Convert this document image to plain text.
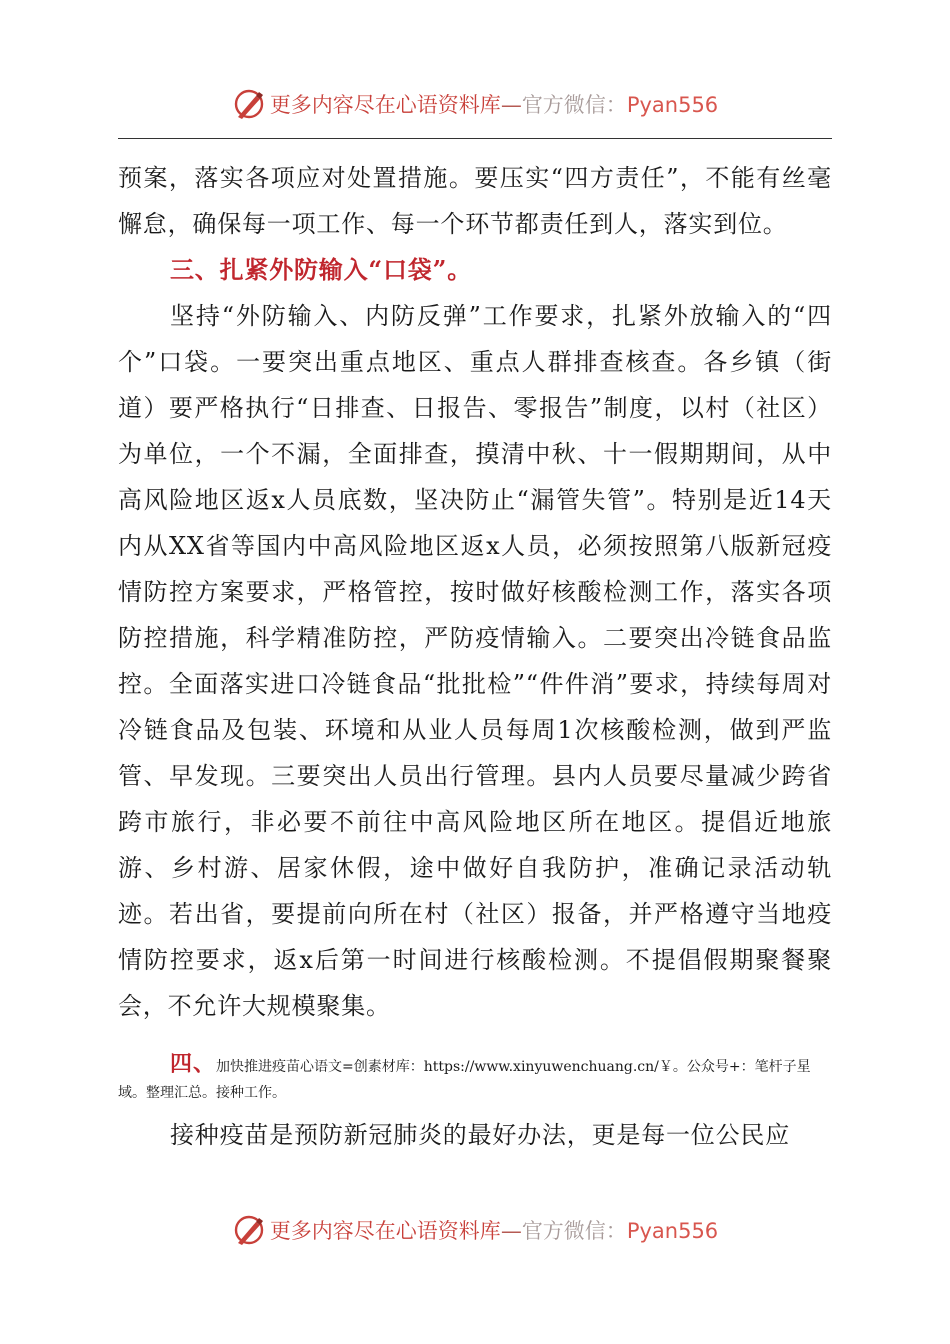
更多内容尽在心语资料库—官方微信：Pyan556

预案，落实各项应对处置措施。要压实“四方责任”，不能有丝毫懈怠，确保每一项工作、每一个环节都责任到人，落实到位。

三、扎紧外防输入“口袋”。

坚持“外防输入、内防反弹”工作要求，扎紧外放输入的“四个”口袋。一要突出重点地区、重点人群排查核查。各乡镇（街道）要严格执行“日排查、日报告、零报告”制度，以村（社区）为单位，一个不漏，全面排查，摸清中秋、十一假期期间，从中高风险地区返x人员底数，坚决防止“漏管失管”。特别是近14天内从XX省等国内中高风险地区返x人员，必须按照第八版新冠疫情防控方案要求，严格管控，按时做好核酸检测工作，落实各项防控措施，科学精准防控，严防疫情输入。二要突出冷链食品监控。全面落实进口冷链食品“批批检”“件件消”要求，持续每周对冷链食品及包装、环境和从业人员每周1次核酸检测，做到严监管、早发现。三要突出人员出行管理。县内人员要尽量减少跨省跨市旅行，非必要不前往中高风险地区所在地区。提倡近地旅游、乡村游、居家休假，途中做好自我防护，准确记录活动轨迹。若出省，要提前向所在村（社区）报备，并严格遵守当地疫情防控要求，返x后第一时间进行核酸检测。不提倡假期聚餐聚会，不允许大规模聚集。

四、加快推进疫苗心语文=创素材库：https://www.xinyuwenchuang.cn/￥。公众号+：笔杆子星域。整理汇总。接种工作。

接种疫苗是预防新冠肺炎的最好办法，更是每一位公民应

更多内容尽在心语资料库—官方微信：Pyan556
